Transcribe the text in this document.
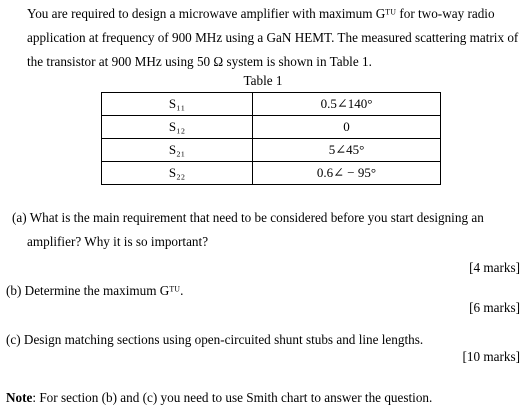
You are required to design a microwave amplifier with maximum Gᵀᵁ for two-way radio
application at frequency of 900 MHz using a GaN HEMT. The measured scattering matrix of
the transistor at 900 MHz using 50 Ω system is shown in Table 1.
Table 1
S₁₁	0.5∠140°
S₁₂	0
S₂₁	5∠45°
S₂₂	0.6∠ − 95°
(a) What is the main requirement that need to be considered before you start designing an
amplifier? Why it is so important?
[4 marks]
(b) Determine the maximum Gᵀᵁ.
[6 marks]
(c) Design matching sections using open-circuited shunt stubs and line lengths.
[10 marks]
Note: For section (b) and (c) you need to use Smith chart to answer the question.
